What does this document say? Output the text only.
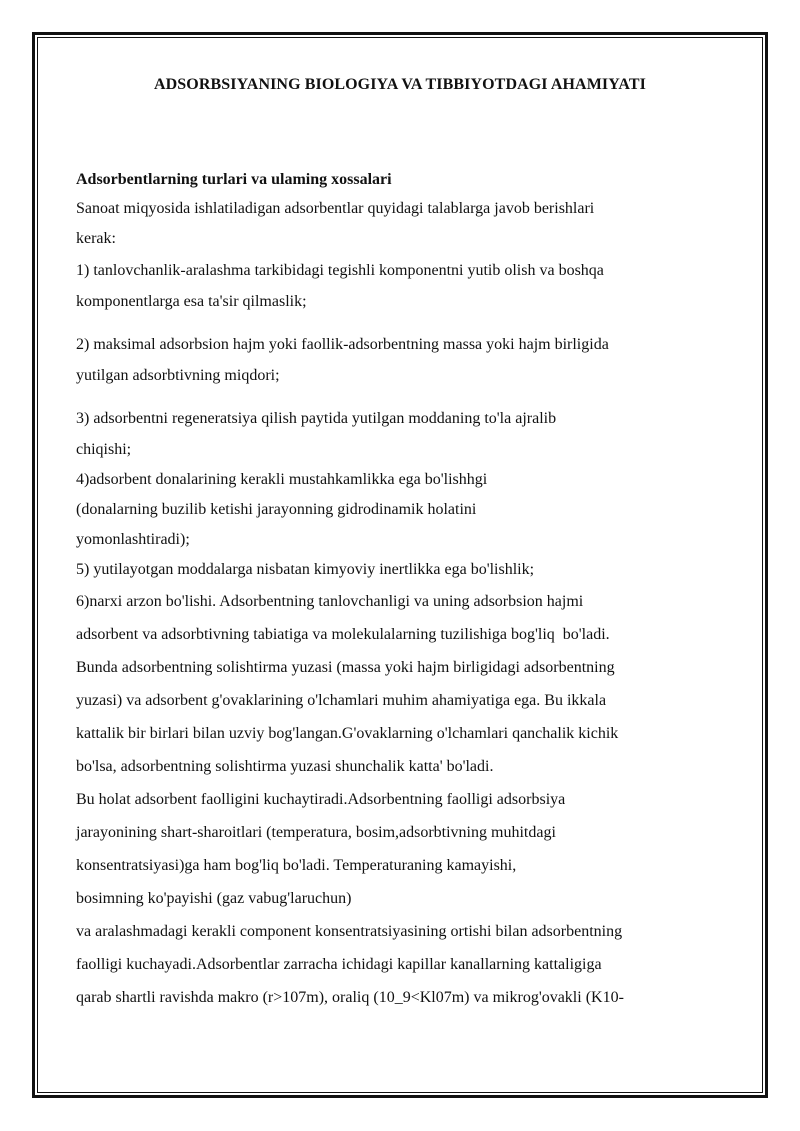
ADSORBSIYANING BIOLOGIYA VA TIBBIYOTDAGI AHAMIYATI

Adsorbentlarning turlari va ulaming xossalari

Sanoat miqyosida ishlatiladigan adsorbentlar quyidagi talablarga javob berishlari

kerak:

1) tanlovchanlik-aralashma tarkibidagi tegishli komponentni yutib olish va boshqa

komponentlarga esa ta'sir qilmaslik;

2) maksimal adsorbsion hajm yoki faollik-adsorbentning massa yoki hajm birligida

yutilgan adsorbtivning miqdori;

3) adsorbentni regeneratsiya qilish paytida yutilgan moddaning to'la ajralib

chiqishi;

4)adsorbent donalarining kerakli mustahkamlikka ega bo'lishhgi

(donalarning buzilib ketishi jarayonning gidrodinamik holatini

yomonlashtiradi);

5) yutilayotgan moddalarga nisbatan kimyoviy inertlikka ega bo'lishlik;

6)narxi arzon bo'lishi. Adsorbentning tanlovchanligi va uning adsorbsion hajmi

adsorbent va adsorbtivning tabiatiga va molekulalarning tuzilishiga bog'liq  bo'ladi.

Bunda adsorbentning solishtirma yuzasi (massa yoki hajm birligidagi adsorbentning

yuzasi) va adsorbent g'ovaklarining o'lchamlari muhim ahamiyatiga ega. Bu ikkala

kattalik bir birlari bilan uzviy bog'langan.G'ovaklarning o'lchamlari qanchalik kichik

bo'lsa, adsorbentning solishtirma yuzasi shunchalik katta' bo'ladi.

Bu holat adsorbent faolligini kuchaytiradi.Adsorbentning faolligi adsorbsiya

jarayonining shart-sharoitlari (temperatura, bosim,adsorbtivning muhitdagi

konsentratsiyasi)ga ham bog'liq bo'ladi. Temperaturaning kamayishi,

bosimning ko'payishi (gaz vabug'laruchun)

va aralashmadagi kerakli component konsentratsiyasining ortishi bilan adsorbentning

faolligi kuchayadi.Adsorbentlar zarracha ichidagi kapillar kanallarning kattaligiga

qarab shartli ravishda makro (r>107m), oraliq (10_9<Kl07m) va mikrog'ovakli (K10-
